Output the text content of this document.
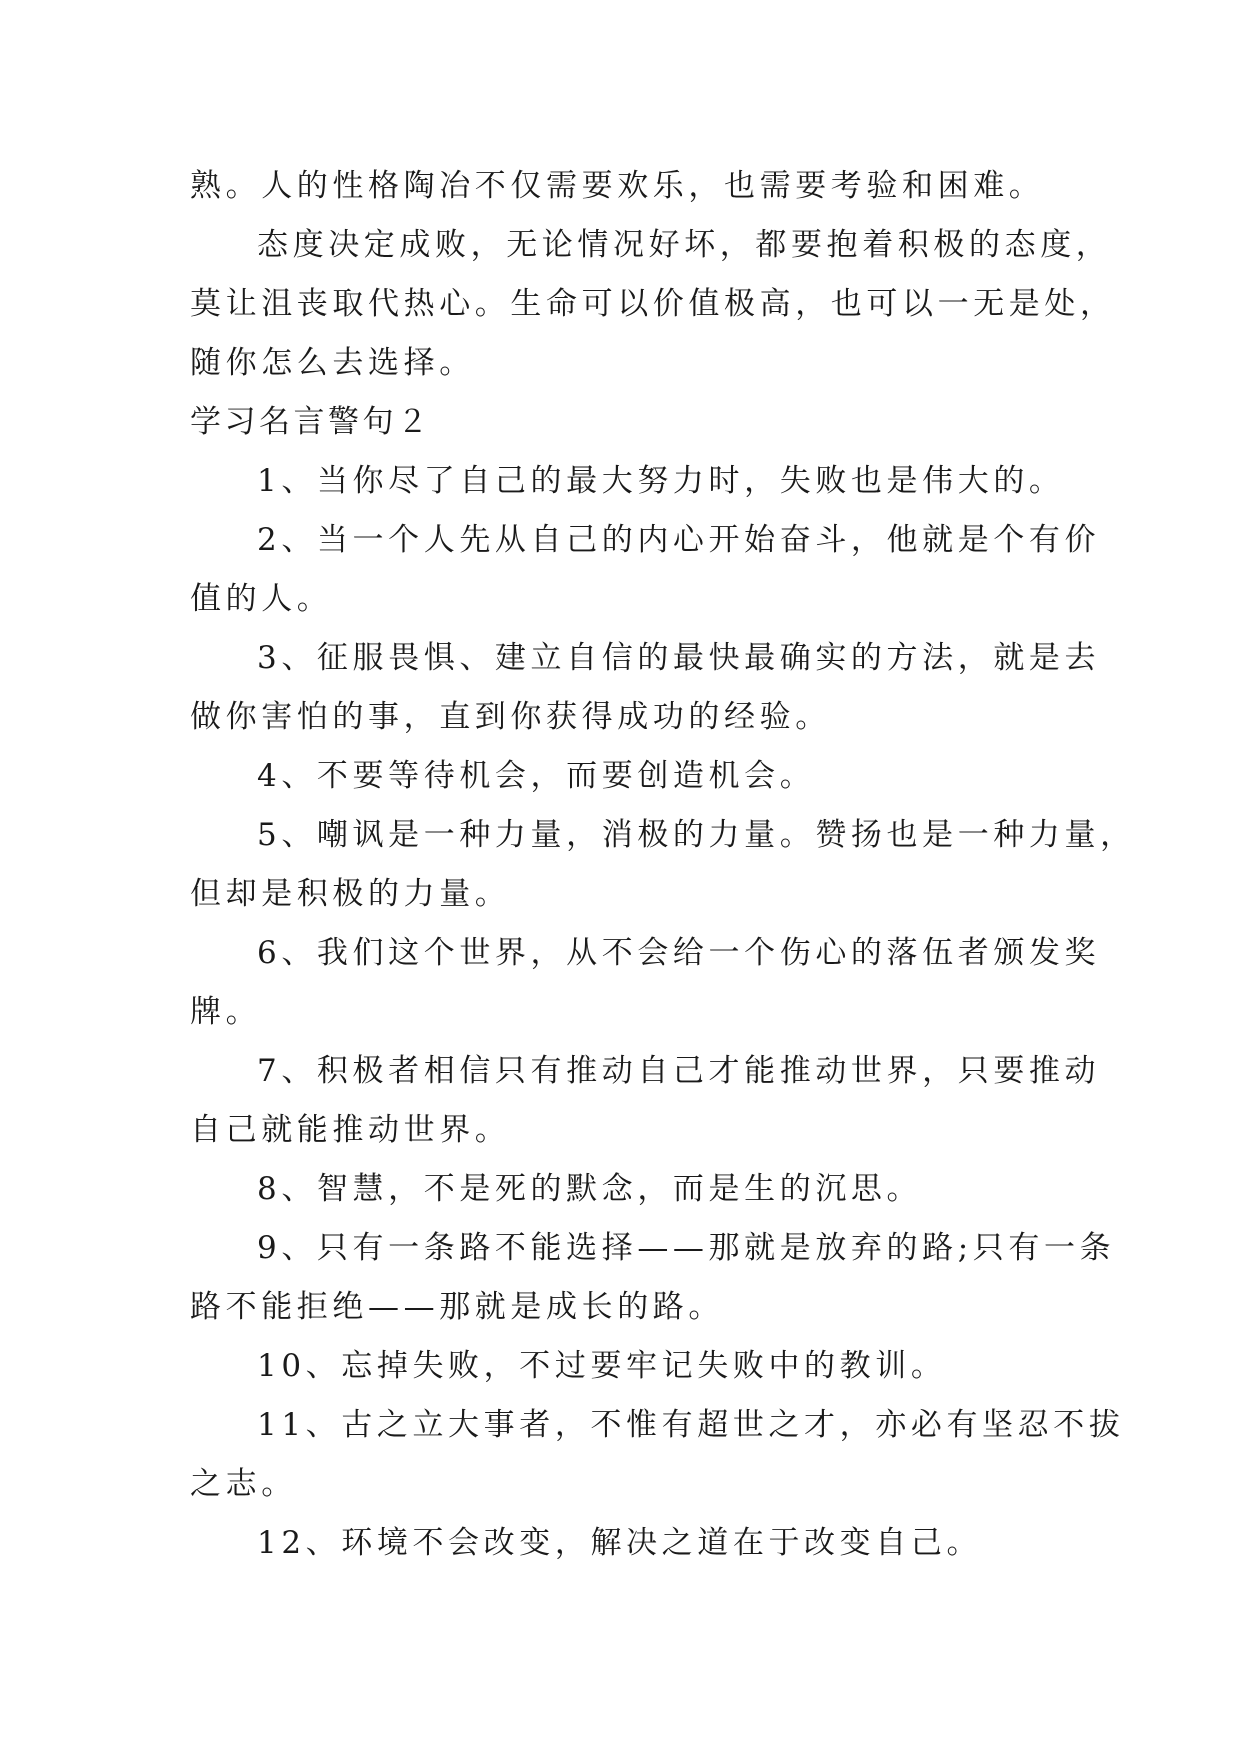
熟。人的性格陶冶不仅需要欢乐，也需要考验和困难。
态度决定成败，无论情况好坏，都要抱着积极的态度，
莫让沮丧取代热心。生命可以价值极高，也可以一无是处，
随你怎么去选择。
学习名言警句２
1、当你尽了自己的最大努力时，失败也是伟大的。
2、当一个人先从自己的内心开始奋斗，他就是个有价
值的人。
3、征服畏惧、建立自信的最快最确实的方法，就是去
做你害怕的事，直到你获得成功的经验。
4、不要等待机会，而要创造机会。
5、嘲讽是一种力量，消极的力量。赞扬也是一种力量，
但却是积极的力量。
6、我们这个世界，从不会给一个伤心的落伍者颁发奖
牌。
7、积极者相信只有推动自己才能推动世界，只要推动
自己就能推动世界。
8、智慧，不是死的默念，而是生的沉思。
9、只有一条路不能选择——那就是放弃的路;只有一条
路不能拒绝——那就是成长的路。
10、忘掉失败，不过要牢记失败中的教训。
11、古之立大事者，不惟有超世之才，亦必有坚忍不拔
之志。
12、环境不会改变，解决之道在于改变自己。
